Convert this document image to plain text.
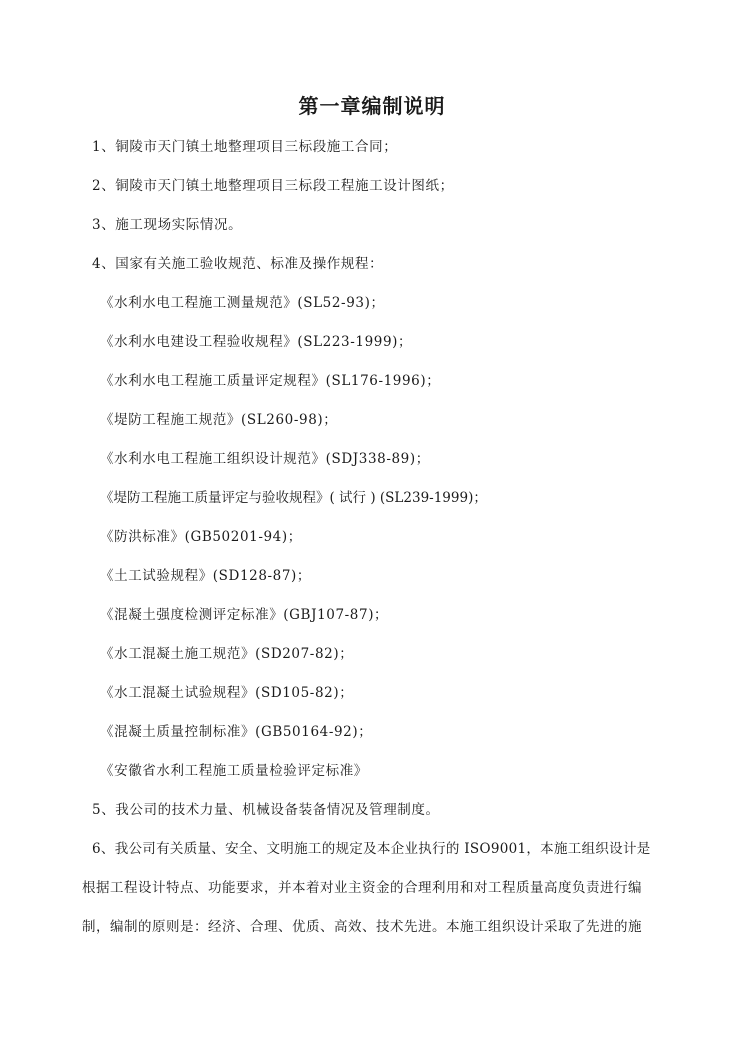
第一章编制说明
1、铜陵市天门镇土地整理项目三标段施工合同；
2、铜陵市天门镇土地整理项目三标段工程施工设计图纸；
3、施工现场实际情况。
4、国家有关施工验收规范、标准及操作规程：
《水利水电工程施工测量规范》(SL52-93)；
《水利水电建设工程验收规程》(SL223-1999)；
《水利水电工程施工质量评定规程》(SL176-1996)；
《堤防工程施工规范》(SL260-98)；
《水利水电工程施工组织设计规范》(SDJ338-89)；
《堤防工程施工质量评定与验收规程》( 试行 ) (SL239-1999)；
《防洪标准》(GB50201-94)；
《土工试验规程》(SD128-87)；
《混凝土强度检测评定标准》(GBJ107-87)；
《水工混凝土施工规范》(SD207-82)；
《水工混凝土试验规程》(SD105-82)；
《混凝土质量控制标准》(GB50164-92)；
《安徽省水利工程施工质量检验评定标准》
5、我公司的技术力量、机械设备装备情况及管理制度。
6、我公司有关质量、安全、文明施工的规定及本企业执行的 ISO9001，本施工组织设计是
根据工程设计特点、功能要求，并本着对业主资金的合理利用和对工程质量高度负责进行编
制，编制的原则是：经济、合理、优质、高效、技术先进。本施工组织设计采取了先进的施
